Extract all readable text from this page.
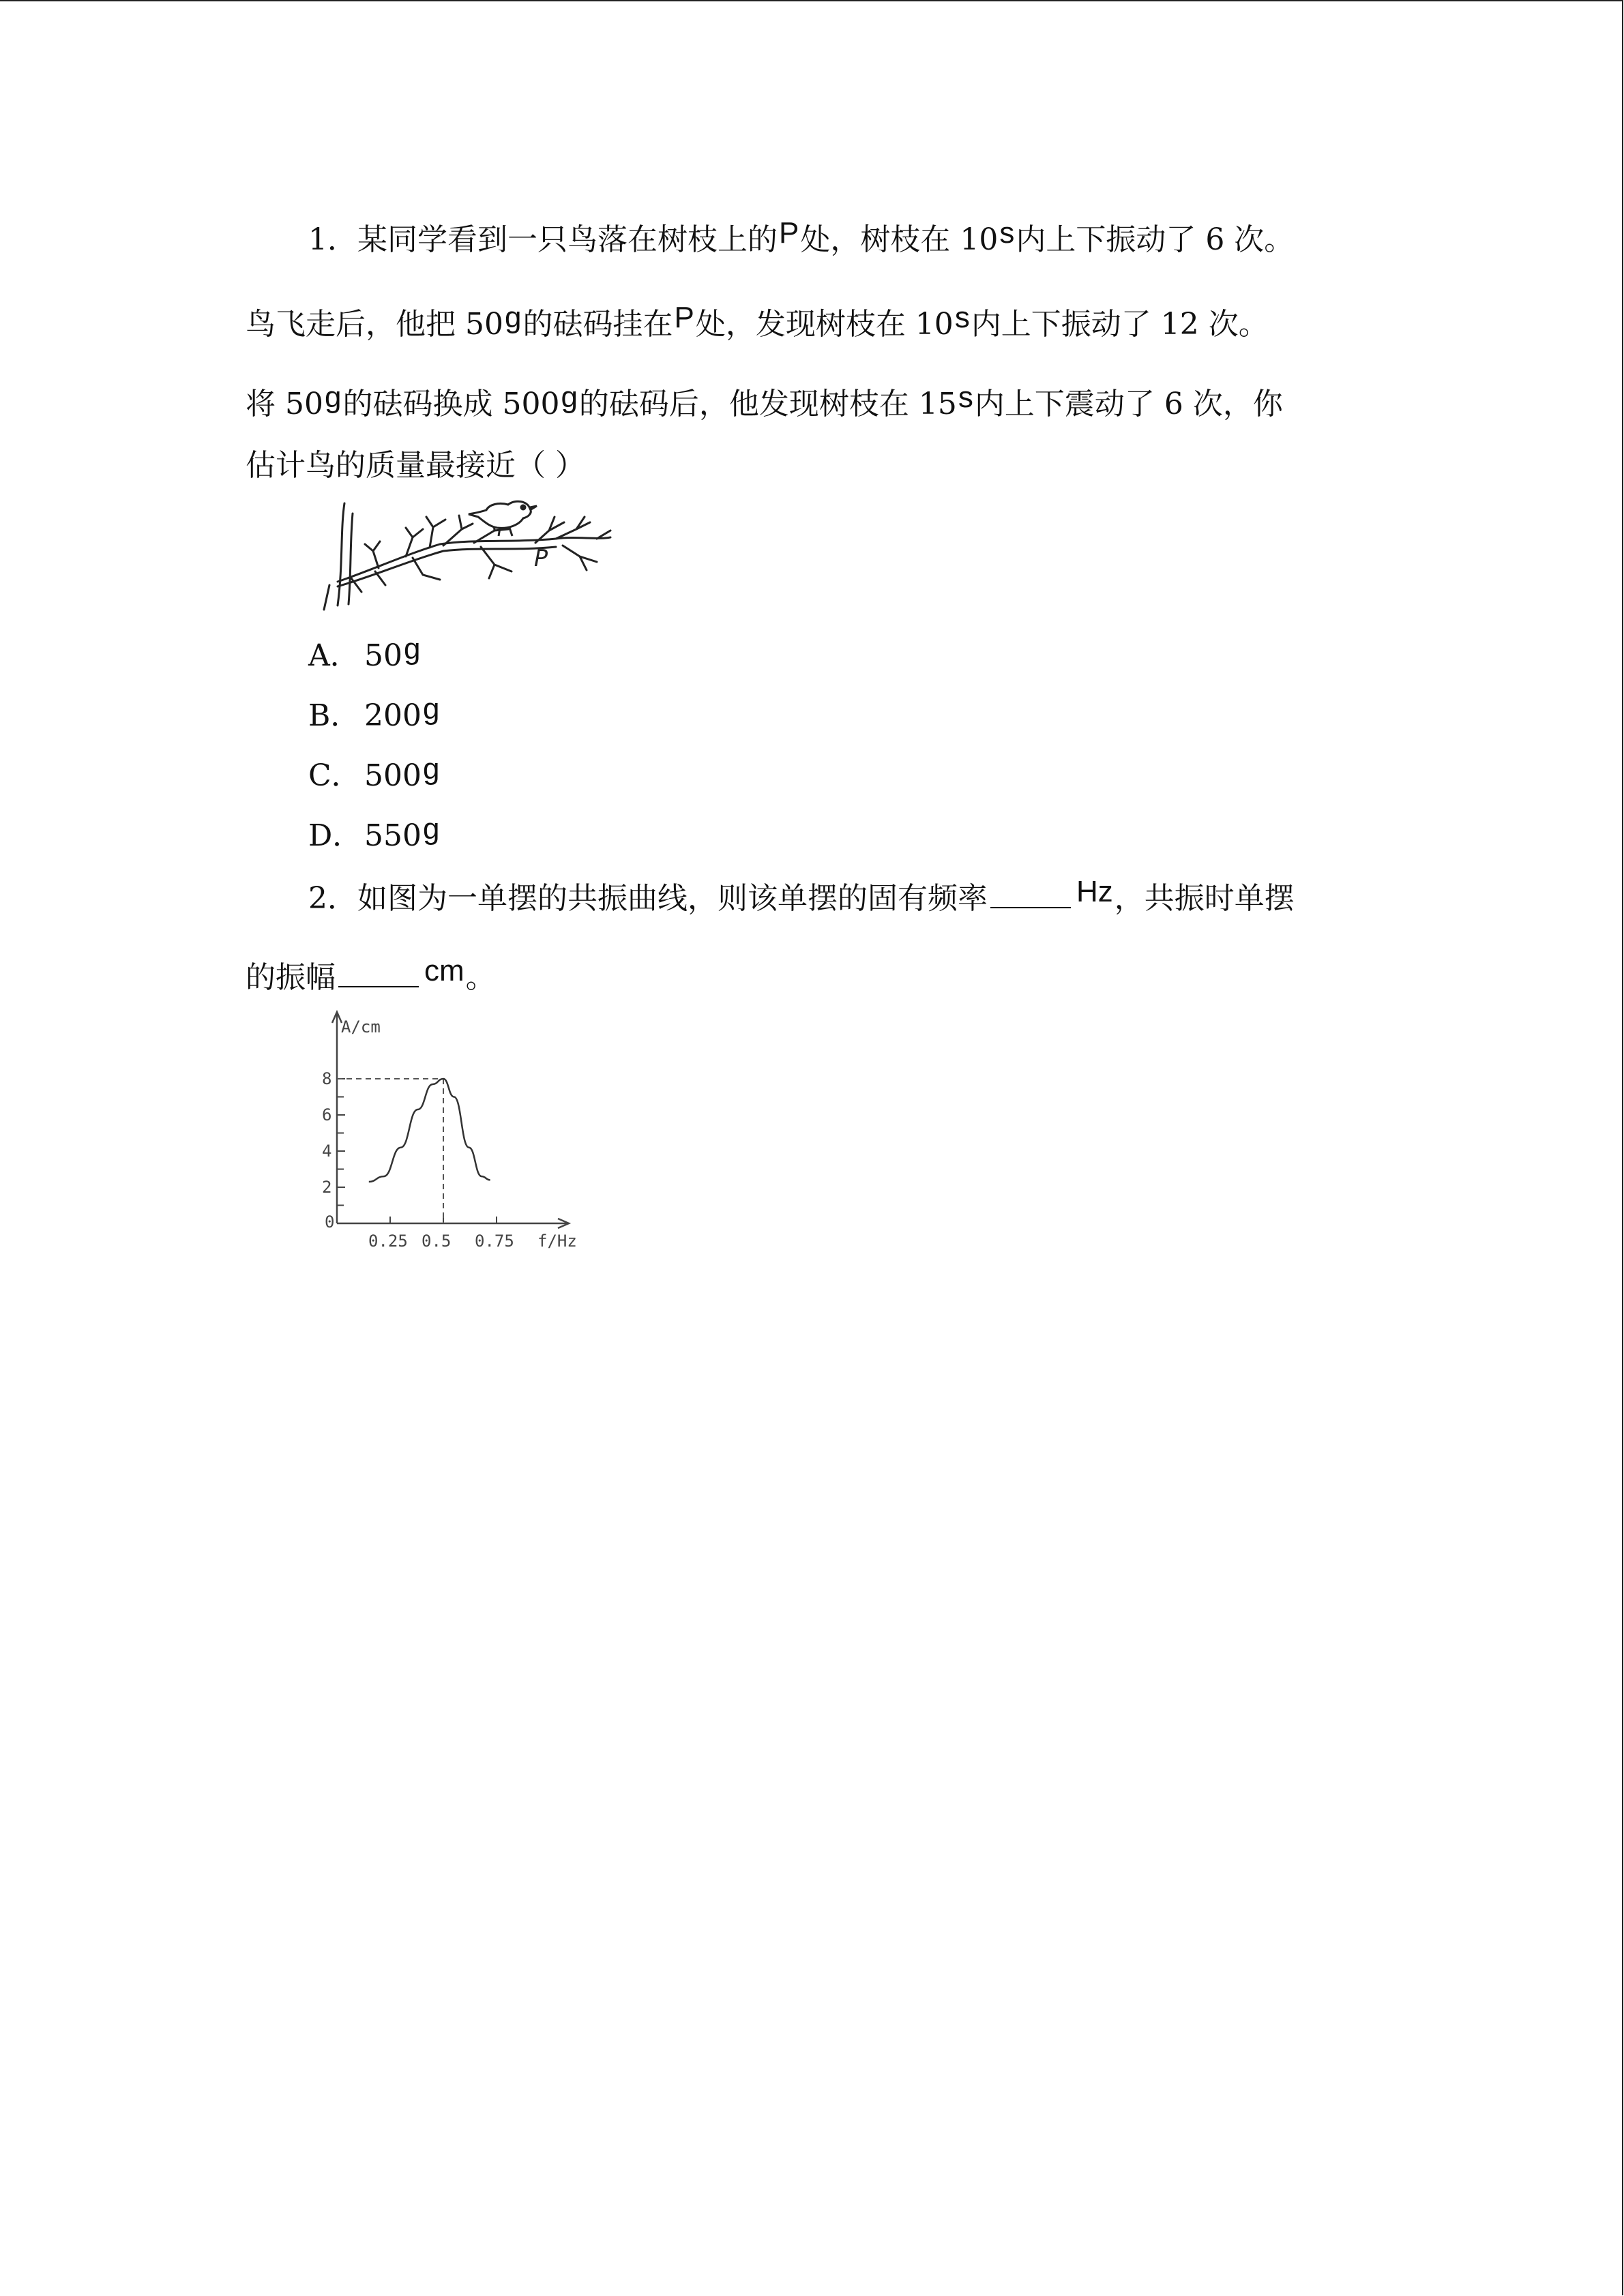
1．某同学看到一只鸟落在树枝上的P处，树枝在 10s内上下振动了 6 次。
鸟飞走后，他把 50g的砝码挂在P处，发现树枝在 10s内上下振动了 12 次。
将 50g的砝码换成 500g的砝码后，他发现树枝在 15s内上下震动了 6 次，你
估计鸟的质量最接近（ ）
P
A． 50g
B． 200g
C．500g
D．550g
2．如图为一单摆的共振曲线，则该单摆的固有频率	Hz，共振时单摆
的振幅	cm。
0
2
4
6
8
0.25 0.5 0.75
A/cm
f/Hz
